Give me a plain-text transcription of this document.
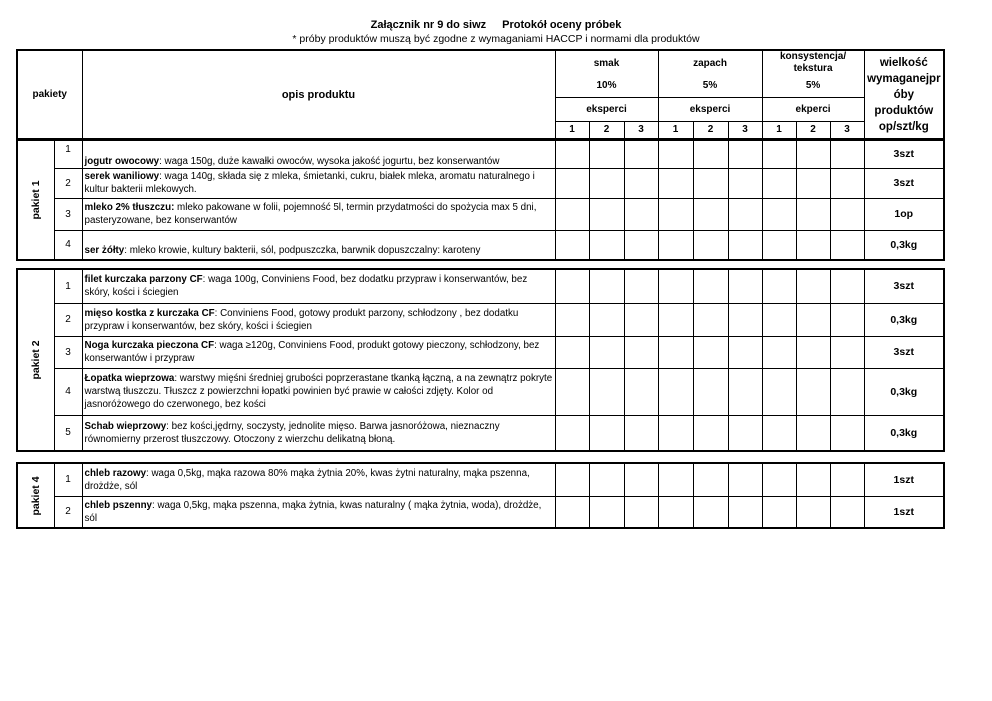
Załącznik nr 9 do siwz Protokół oceny próbek
* próby produktów muszą być zgodne z wymaganiami HACCP i normami dla produktów
pakiety	opis produktu	smak			zapach			konsystencja/ tekstura			wielkość wymaganejpr óby produktów op/szt/kg
		10%			5%			5%			
		eksperci			eksperci			ekperci			
		1	2	3	1	2	3	1	2	3	
pakiet 1	1	jogutr owocowy: waga 150g, duże kawałki owoców, wysoka jakość jogurtu, bez konserwantów										3szt
	2	serek waniliowy: waga 140g, składa się z mleka, śmietanki, cukru, białek mleka, aromatu naturalnego i kultur bakterii mlekowych.										3szt
	3	mleko 2% tłuszczu: mleko pakowane w folii, pojemność 5l, termin przydatmości do spożycia max 5 dni, pasteryzowane, bez konserwantów										1op
	4	ser żółty: mleko krowie, kultury bakterii, sól, podpuszczka, barwnik dopuszczalny: karoteny										0,3kg
pakiet 2	1	filet kurczaka parzony CF: waga 100g, Conviniens Food, bez dodatku przypraw i konserwantów, bez skóry, kości i ściegien										3szt
	2	mięso kostka z kurczaka CF: Conviniens Food, gotowy produkt parzony, schłodzony , bez dodatku przypraw i konserwantów, bez skóry, kości i ściegien										0,3kg
	3	Noga kurczaka pieczona CF: waga ≥120g, Conviniens Food, produkt gotowy pieczony, schłodzony, bez konserwantów i przypraw										3szt
	4	Łopatka wieprzowa: warstwy mięśni średniej grubości poprzerastane tkanką łączną, a na zewnątrz pokryte warstwą tłuszczu. Tłuszcz z powierzchni łopatki powinien być prawie w całości zdjęty. Kolor od jasnoróżowego do czerwonego, bez kości										0,3kg
	5	Schab wieprzowy: bez kości,jędrny, soczysty, jednolite mięso. Barwa jasnoróżowa, nieznaczny równomierny przerost tłuszczowy. Otoczony z wierzchu delikatną błoną.										0,3kg
pakiet 4	1	chleb razowy: waga 0,5kg, mąka razowa 80% mąka żytnia 20%, kwas żytni naturalny, mąka pszenna, drożdże, sól										1szt
	2	chleb pszenny: waga 0,5kg, mąka pszenna, mąka żytnia, kwas naturalny ( mąka żytnia, woda), drożdże, sól										1szt
